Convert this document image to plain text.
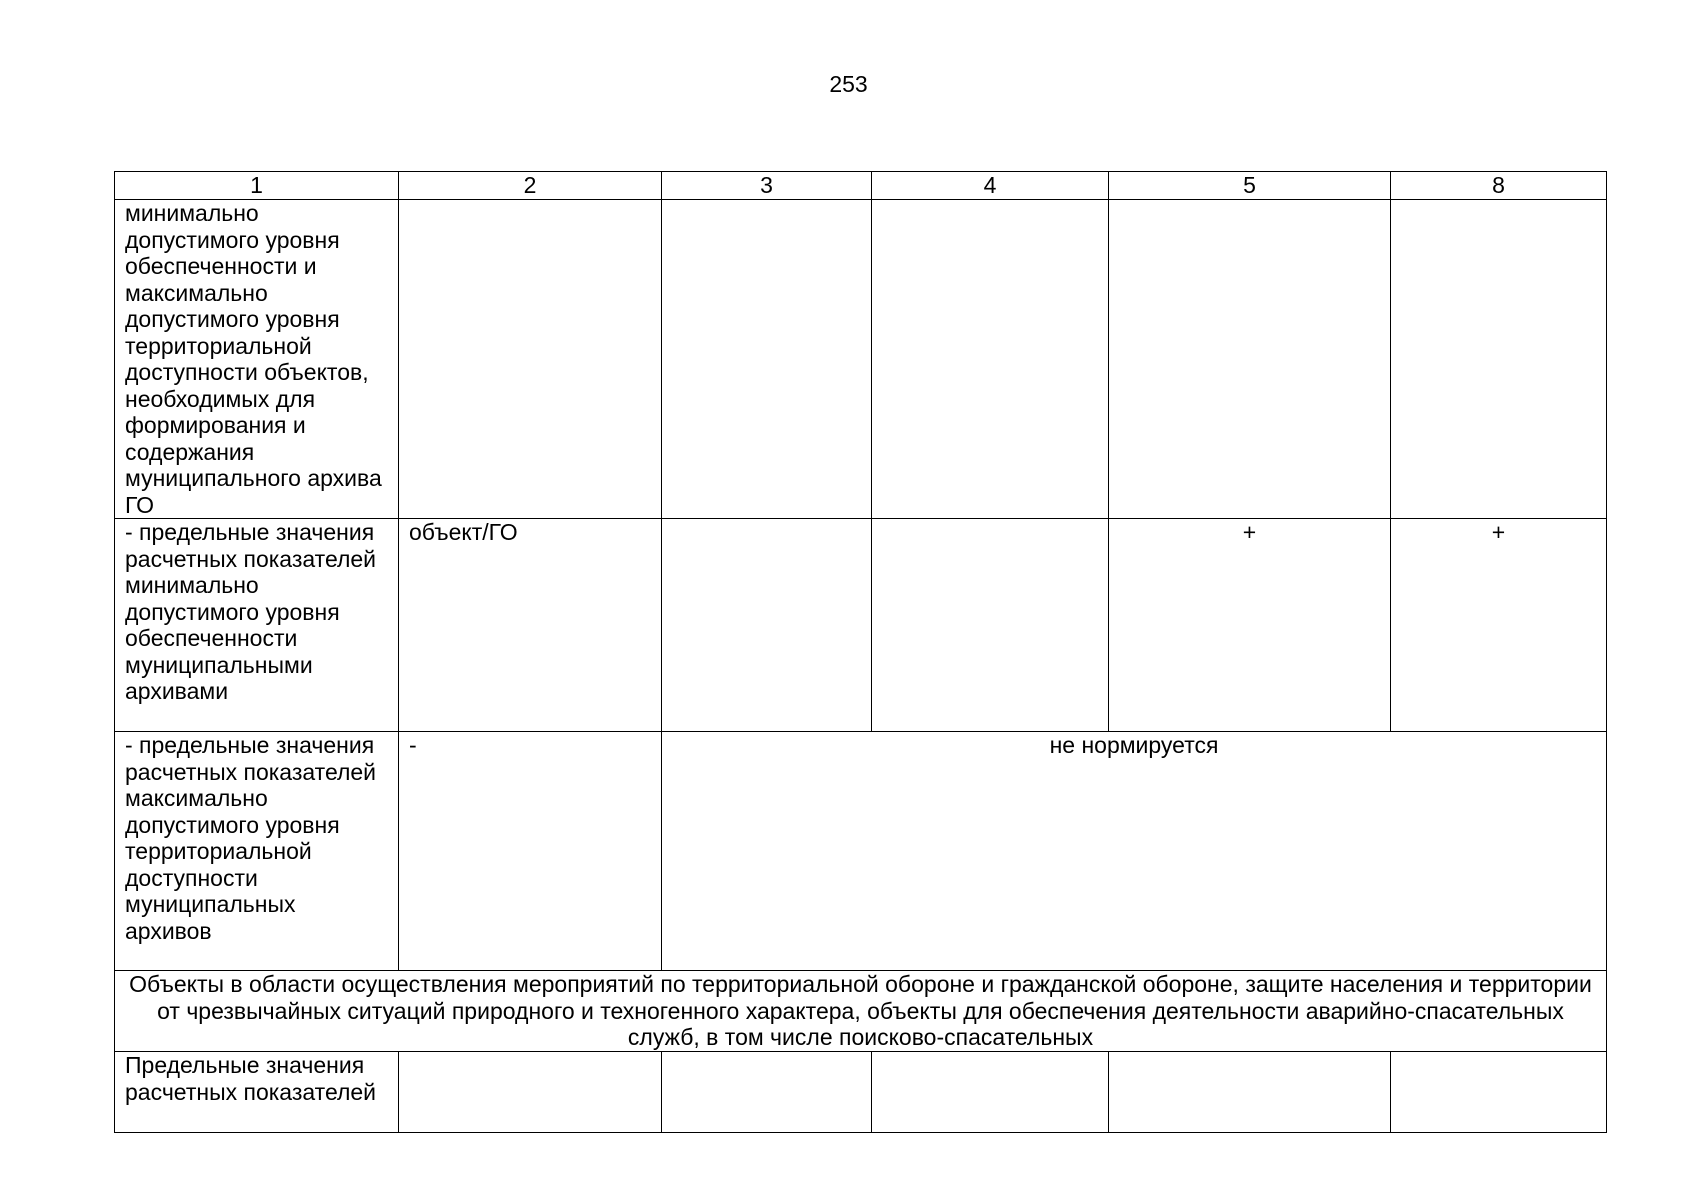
253
1	2	3	4	5	8
минимально допустимого уровня обеспеченности и максимально допустимого уровня территориальной доступности объектов, необходимых для формирования и содержания муниципального архива ГО					
- предельные значения расчетных показателей минимально допустимого уровня обеспеченности муниципальными архивами	объект/ГО			+	+
- предельные значения расчетных показателей максимально допустимого уровня территориальной доступности муниципальных архивов	-	не нормируется			
Объекты в области осуществления мероприятий по территориальной обороне и гражданской обороне, защите населения и территории от чрезвычайных ситуаций природного и техногенного характера, объекты для обеспечения деятельности аварийно-спасательных служб, в том числе поисково-спасательных					
Предельные значения расчетных показателей					
